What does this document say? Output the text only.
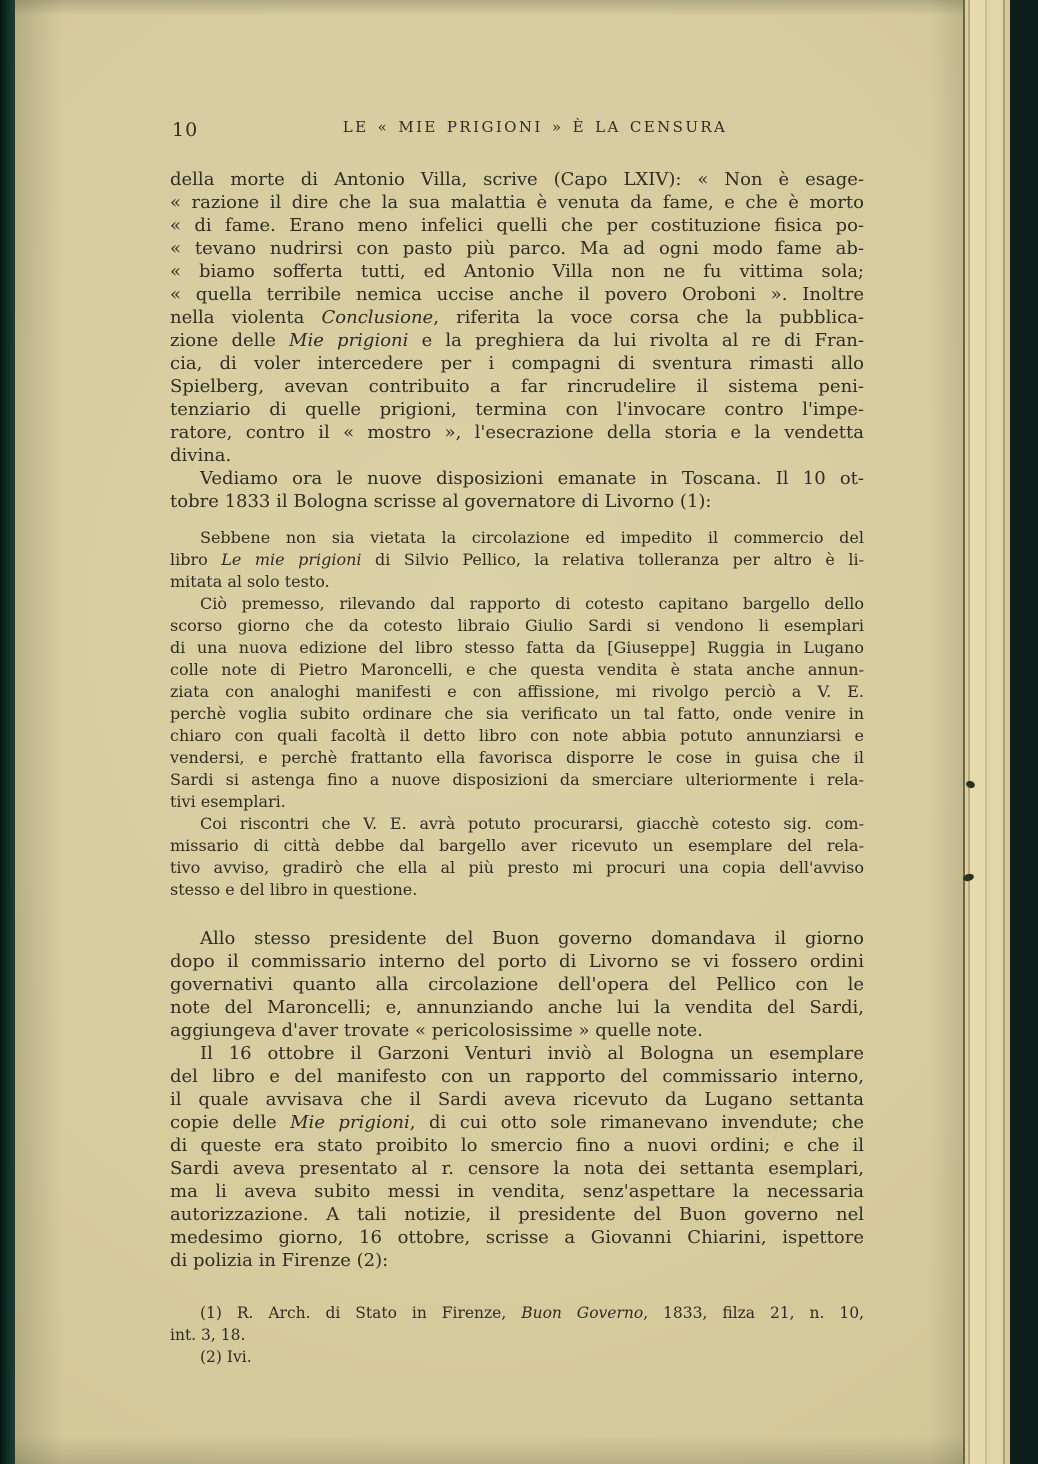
10	LE « MIE PRIGIONI » È LA CENSURA
della morte di Antonio Villa, scrive (Capo LXIV): « Non è esage-
« razione il dire che la sua malattia è venuta da fame, e che è morto
« di fame. Erano meno infelici quelli che per costituzione fisica po-
« tevano nudrirsi con pasto più parco. Ma ad ogni modo fame ab-
« biamo sofferta tutti, ed Antonio Villa non ne fu vittima sola;
« quella terribile nemica uccise anche il povero Oroboni ». Inoltre
nella violenta Conclusione, riferita la voce corsa che la pubblica-
zione delle Mie prigioni e la preghiera da lui rivolta al re di Fran-
cia, di voler intercedere per i compagni di sventura rimasti allo
Spielberg, avevan contribuito a far rincrudelire il sistema peni-
tenziario di quelle prigioni, termina con l'invocare contro l'impe-
ratore, contro il « mostro », l'esecrazione della storia e la vendetta
divina.
Vediamo ora le nuove disposizioni emanate in Toscana. Il 10 ot-
tobre 1833 il Bologna scrisse al governatore di Livorno (1):
Sebbene non sia vietata la circolazione ed impedito il commercio del
libro Le mie prigioni di Silvio Pellico, la relativa tolleranza per altro è li-
mitata al solo testo.
Ciò premesso, rilevando dal rapporto di cotesto capitano bargello dello
scorso giorno che da cotesto libraio Giulio Sardi si vendono li esemplari
di una nuova edizione del libro stesso fatta da [Giuseppe] Ruggia in Lugano
colle note di Pietro Maroncelli, e che questa vendita è stata anche annun-
ziata con analoghi manifesti e con affissione, mi rivolgo perciò a V. E.
perchè voglia subito ordinare che sia verificato un tal fatto, onde venire in
chiaro con quali facoltà il detto libro con note abbia potuto annunziarsi e
vendersi, e perchè frattanto ella favorisca disporre le cose in guisa che il
Sardi si astenga fino a nuove disposizioni da smerciare ulteriormente i rela-
tivi esemplari.
Coi riscontri che V. E. avrà potuto procurarsi, giacchè cotesto sig. com-
missario di città debbe dal bargello aver ricevuto un esemplare del rela-
tivo avviso, gradirò che ella al più presto mi procuri una copia dell'avviso
stesso e del libro in questione.
Allo stesso presidente del Buon governo domandava il giorno
dopo il commissario interno del porto di Livorno se vi fossero ordini
governativi quanto alla circolazione dell'opera del Pellico con le
note del Maroncelli; e, annunziando anche lui la vendita del Sardi,
aggiungeva d'aver trovate « pericolosissime » quelle note.
Il 16 ottobre il Garzoni Venturi inviò al Bologna un esemplare
del libro e del manifesto con un rapporto del commissario interno,
il quale avvisava che il Sardi aveva ricevuto da Lugano settanta
copie delle Mie prigioni, di cui otto sole rimanevano invendute; che
di queste era stato proibito lo smercio fino a nuovi ordini; e che il
Sardi aveva presentato al r. censore la nota dei settanta esemplari,
ma li aveva subito messi in vendita, senz'aspettare la necessaria
autorizzazione. A tali notizie, il presidente del Buon governo nel
medesimo giorno, 16 ottobre, scrisse a Giovanni Chiarini, ispettore
di polizia in Firenze (2):
(1) R. Arch. di Stato in Firenze, Buon Governo, 1833, filza 21, n. 10,
int. 3, 18.
(2) Ivi.
